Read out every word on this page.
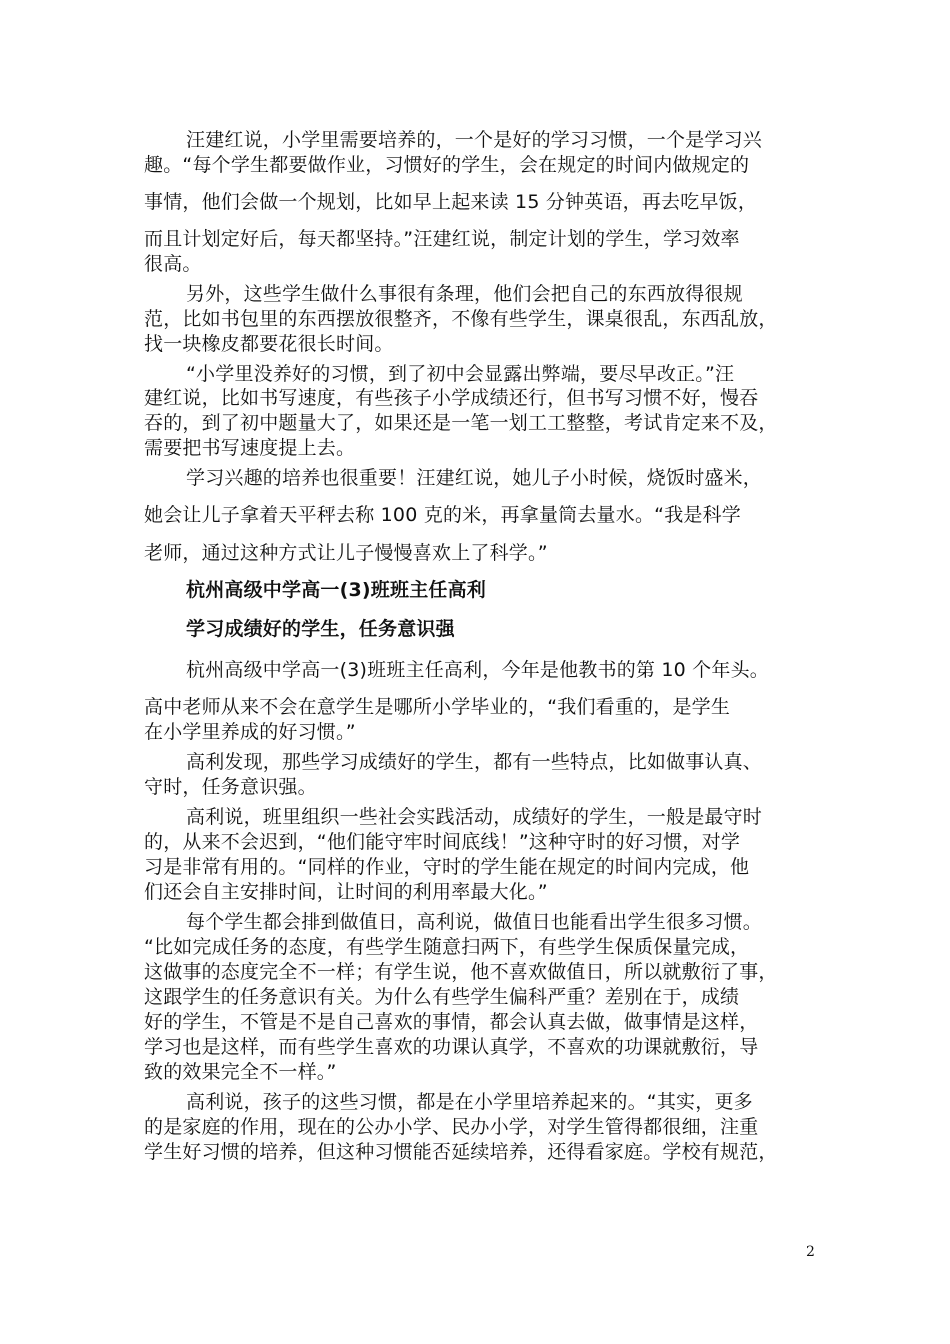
汪建红说，小学里需要培养的，一个是好的学习习惯，一个是学习兴
趣。“每个学生都要做作业，习惯好的学生，会在规定的时间内做规定的
事情，他们会做一个规划，比如早上起来读 15 分钟英语，再去吃早饭，
而且计划定好后，每天都坚持。”汪建红说，制定计划的学生，学习效率
很高。
另外，这些学生做什么事很有条理，他们会把自己的东西放得很规
范，比如书包里的东西摆放很整齐，不像有些学生，课桌很乱，东西乱放，
找一块橡皮都要花很长时间。
“小学里没养好的习惯，到了初中会显露出弊端，要尽早改正。”汪
建红说，比如书写速度，有些孩子小学成绩还行，但书写习惯不好，慢吞
吞的，到了初中题量大了，如果还是一笔一划工工整整，考试肯定来不及，
需要把书写速度提上去。
学习兴趣的培养也很重要！汪建红说，她儿子小时候，烧饭时盛米，
她会让儿子拿着天平秤去称 100 克的米，再拿量筒去量水。“我是科学
老师，通过这种方式让儿子慢慢喜欢上了科学。”
杭州高级中学高一(3)班班主任高利
学习成绩好的学生，任务意识强
杭州高级中学高一(3)班班主任高利，今年是他教书的第 10 个年头。
高中老师从来不会在意学生是哪所小学毕业的，“我们看重的，是学生
在小学里养成的好习惯。”
高利发现，那些学习成绩好的学生，都有一些特点，比如做事认真、
守时，任务意识强。
高利说，班里组织一些社会实践活动，成绩好的学生，一般是最守时
的，从来不会迟到，“他们能守牢时间底线！”这种守时的好习惯，对学
习是非常有用的。“同样的作业，守时的学生能在规定的时间内完成，他
们还会自主安排时间，让时间的利用率最大化。”
每个学生都会排到做值日，高利说，做值日也能看出学生很多习惯。
“比如完成任务的态度，有些学生随意扫两下，有些学生保质保量完成，
这做事的态度完全不一样；有学生说，他不喜欢做值日，所以就敷衍了事，
这跟学生的任务意识有关。为什么有些学生偏科严重？差别在于，成绩
好的学生，不管是不是自己喜欢的事情，都会认真去做，做事情是这样，
学习也是这样，而有些学生喜欢的功课认真学，不喜欢的功课就敷衍，导
致的效果完全不一样。”
高利说，孩子的这些习惯，都是在小学里培养起来的。“其实，更多
的是家庭的作用，现在的公办小学、民办小学，对学生管得都很细，注重
学生好习惯的培养，但这种习惯能否延续培养，还得看家庭。学校有规范，
2
